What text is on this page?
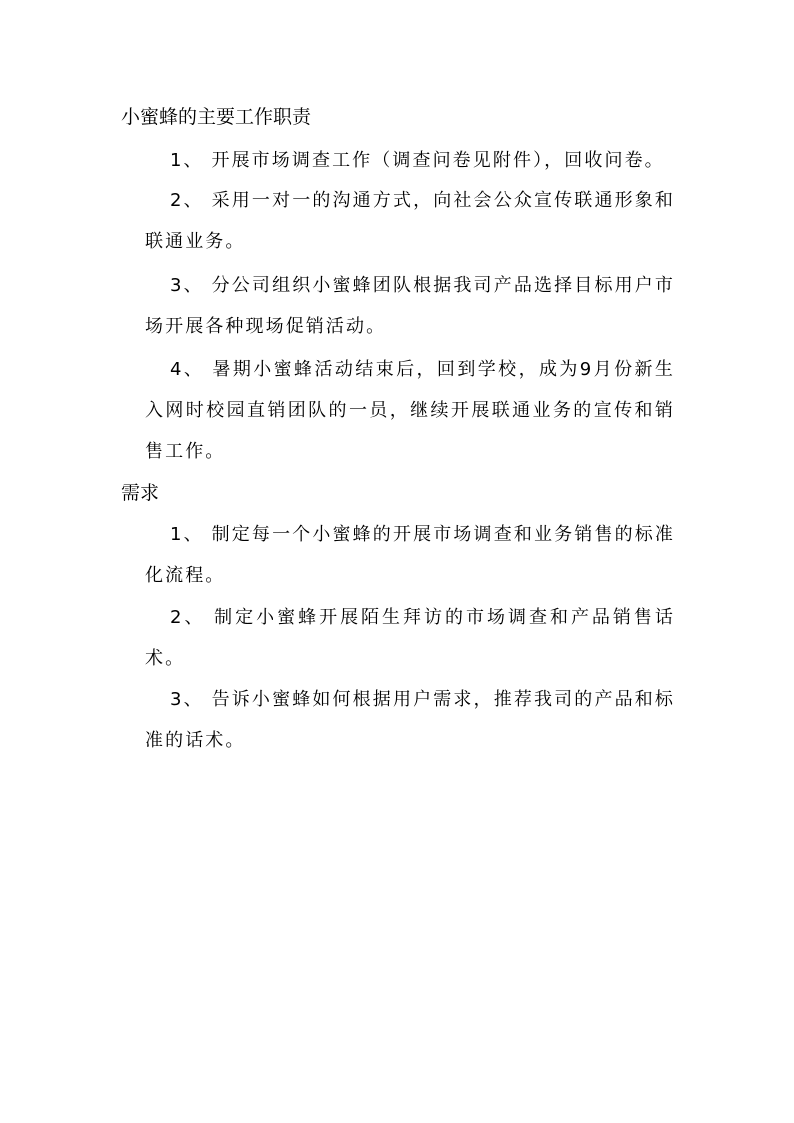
小蜜蜂的主要工作职责

1、 开展市场调查工作（调查问卷见附件），回收问卷。

2、 采用一对一的沟通方式，向社会公众宣传联通形象和联通业务。

3、 分公司组织小蜜蜂团队根据我司产品选择目标用户市场开展各种现场促销活动。

4、 暑期小蜜蜂活动结束后，回到学校，成为9月份新生入网时校园直销团队的一员，继续开展联通业务的宣传和销售工作。

需求

1、 制定每一个小蜜蜂的开展市场调查和业务销售的标准化流程。

2、 制定小蜜蜂开展陌生拜访的市场调查和产品销售话术。

3、 告诉小蜜蜂如何根据用户需求，推荐我司的产品和标准的话术。
